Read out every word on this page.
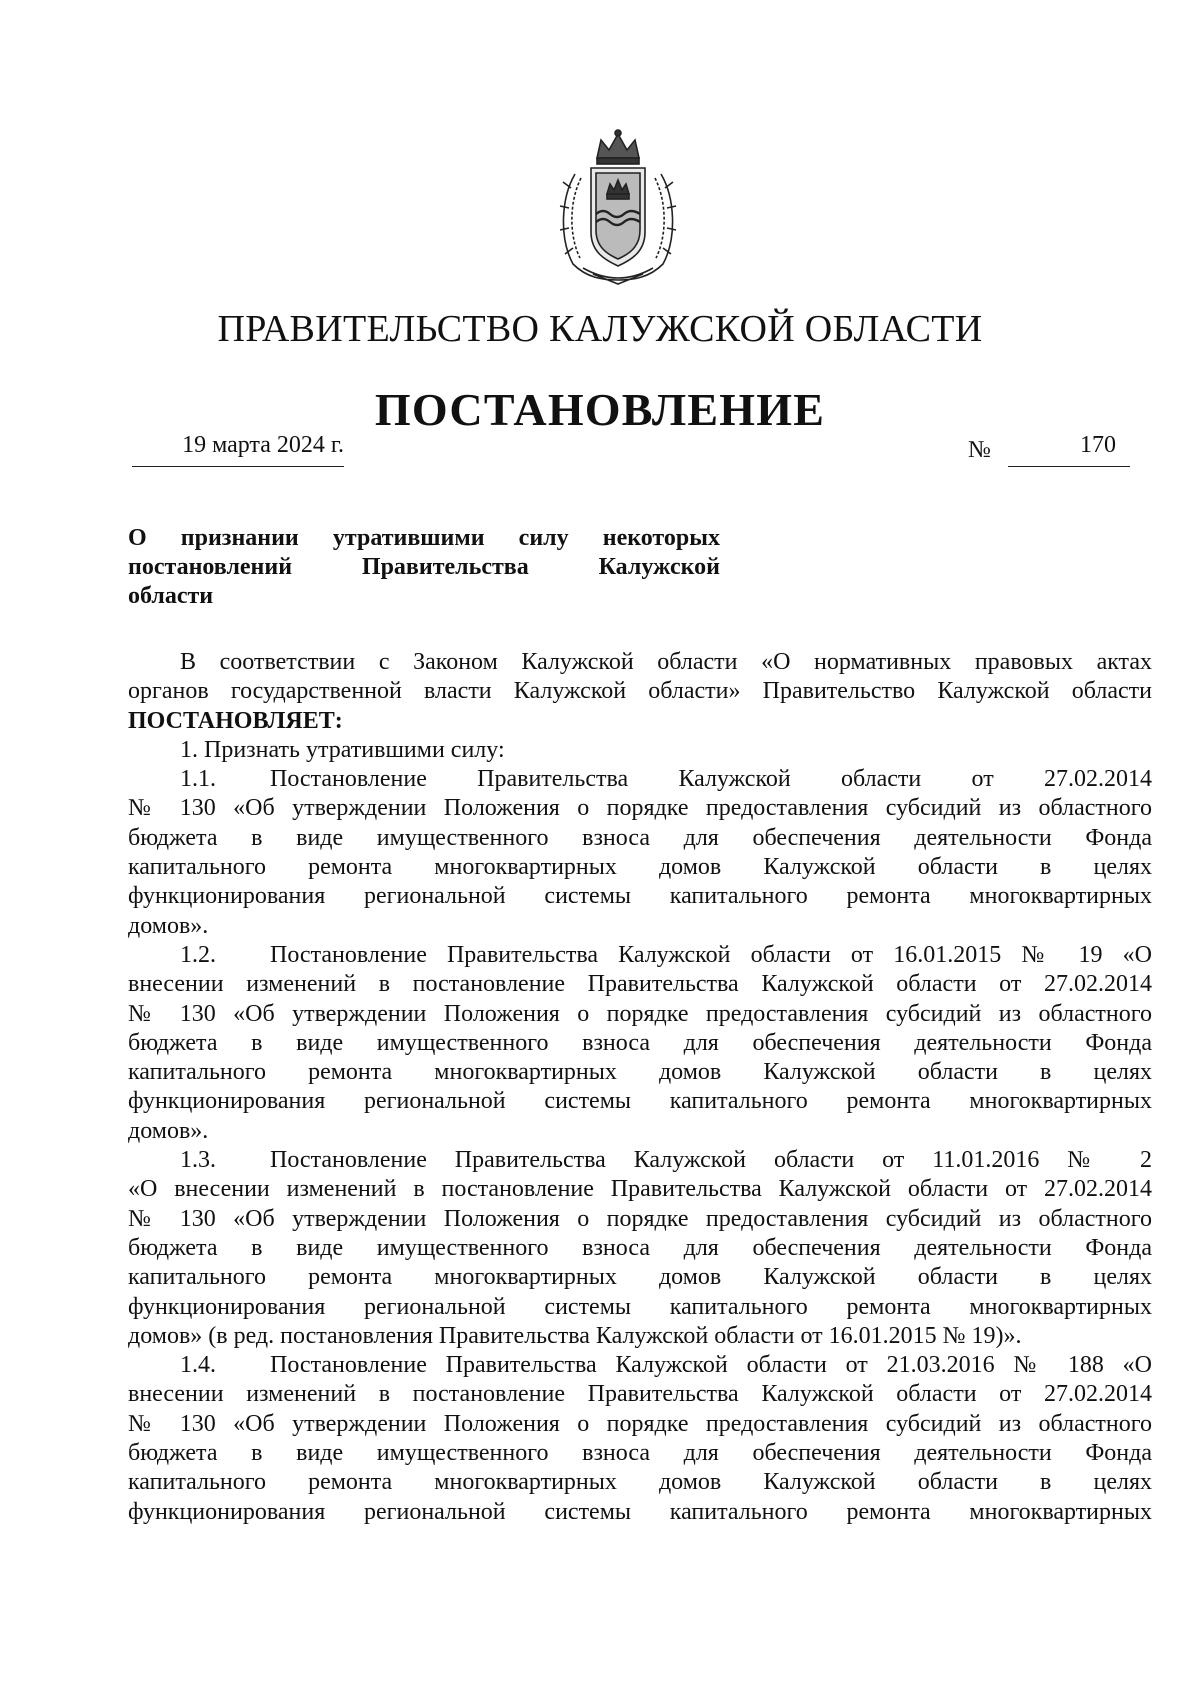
ПРАВИТЕЛЬСТВО КАЛУЖСКОЙ ОБЛАСТИ
ПОСТАНОВЛЕНИЕ
19 марта 2024 г.	№	170
О признании утратившими силу некоторых
постановлений Правительства Калужской
области
В соответствии с Законом Калужской области «О нормативных правовых актах
органов государственной власти Калужской области» Правительство Калужской области
ПОСТАНОВЛЯЕТ:
1. Признать утратившими силу:
1.1. Постановление Правительства Калужской области от 27.02.2014
№ 130 «Об утверждении Положения о порядке предоставления субсидий из областного
бюджета в виде имущественного взноса для обеспечения деятельности Фонда
капитального ремонта многоквартирных домов Калужской области в целях
функционирования региональной системы капитального ремонта многоквартирных
домов».
1.2. Постановление Правительства Калужской области от 16.01.2015 № 19 «О
внесении изменений в постановление Правительства Калужской области от 27.02.2014
№ 130 «Об утверждении Положения о порядке предоставления субсидий из областного
бюджета в виде имущественного взноса для обеспечения деятельности Фонда
капитального ремонта многоквартирных домов Калужской области в целях
функционирования региональной системы капитального ремонта многоквартирных
домов».
1.3. Постановление Правительства Калужской области от 11.01.2016 № 2
«О внесении изменений в постановление Правительства Калужской области от 27.02.2014
№ 130 «Об утверждении Положения о порядке предоставления субсидий из областного
бюджета в виде имущественного взноса для обеспечения деятельности Фонда
капитального ремонта многоквартирных домов Калужской области в целях
функционирования региональной системы капитального ремонта многоквартирных
домов» (в ред. постановления Правительства Калужской области от 16.01.2015 № 19)».
1.4. Постановление Правительства Калужской области от 21.03.2016 № 188 «О
внесении изменений в постановление Правительства Калужской области от 27.02.2014
№ 130 «Об утверждении Положения о порядке предоставления субсидий из областного
бюджета в виде имущественного взноса для обеспечения деятельности Фонда
капитального ремонта многоквартирных домов Калужской области в целях
функционирования региональной системы капитального ремонта многоквартирных
